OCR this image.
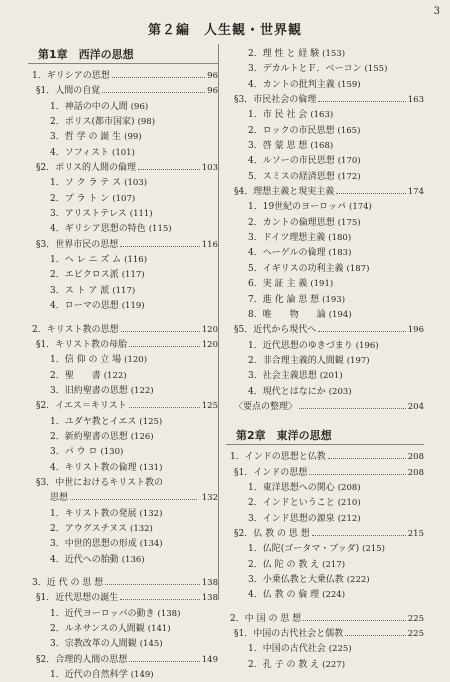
3
第２編　人生観・世界観
第1章　西洋の思想
1．ギリシアの思想	96
§1．人間の自覚	96
1．神話の中の人間 (96)
2．ポリス(都市国家) (98)
3．哲 学 の 誕 生 (99)
4．ソフィスト (101)
§2．ポリス的人間の倫理	103
1．ソ ク ラ テ ス (103)
2．プ ラ ト ン (107)
3．アリストテレス (111)
4．ギリシア思想の特色 (115)
§3．世界市民の思想	116
1．ヘ レ ニ ズ ム (116)
2．エピクロス派 (117)
3．ス ト ア 派 (117)
4．ローマの思想 (119)
2．キリスト教の思想	120
§1．キリスト教の母胎	120
1．信 仰 の 立 場 (120)
2．聖　　書 (122)
3．旧約聖書の思想 (122)
§2．イエス＝キリスト	125
1．ユダヤ教とイエス (125)
2．新約聖書の思想 (126)
3．パ ウ ロ (130)
4．キリスト教の倫理 (131)
§3．中世におけるキリスト教の
思想	132
1．キリスト教の発展 (132)
2．アウグスチヌス (132)
3．中世的思想の形成 (134)
4．近代への胎動 (136)
3．近 代 の 思 想	138
§1．近代思想の誕生	138
1．近代ヨーロッパの動き (138)
2．ルネサンスの人間観 (141)
3．宗教改革の人間観 (145)
§2．合理的人間の思想	149
1．近代の自然科学 (149)
2．理 性 と 経 験 (153)
3．デカルトとＦ．ベーコン (155)
4．カントの批判主義 (159)
§3．市民社会の倫理	163
1．市 民 社 会 (163)
2．ロックの市民思想 (165)
3．啓 蒙 思 想 (168)
4．ルソーの市民思想 (170)
5．スミスの経済思想 (172)
§4．理想主義と現実主義	174
1．19世紀のヨーロッパ (174)
2．カントの倫理思想 (175)
3．ドイツ理想主義 (180)
4．ヘーゲルの倫理 (183)
5．イギリスの功利主義 (187)
6．実 証 主 義 (191)
7．進 化 論 思 想 (193)
8．唯　　物　　論 (194)
§5．近代から現代へ	196
1．近代思想のゆきづまり (196)
2．非合理主義的人間観 (197)
3．社会主義思想 (201)
4．現代とはなにか (203)
〈要点の整理〉	204
第2章　東洋の思想
1．インドの思想と仏教	208
§1．インドの思想	208
1．東洋思想への関心 (208)
2．インドということ (210)
3．インド思想の源泉 (212)
§2．仏 教 の 思 想	215
1．仏陀(ゴータマ・ブッダ) (215)
2．仏 陀 の 教 え (217)
3．小乗仏教と大乗仏教 (222)
4．仏 教 の 倫 理 (224)
2．中 国 の 思 想	225
§1．中国の古代社会と儒教	225
1．中国の古代社会 (225)
2．孔 子 の 教 え (227)
